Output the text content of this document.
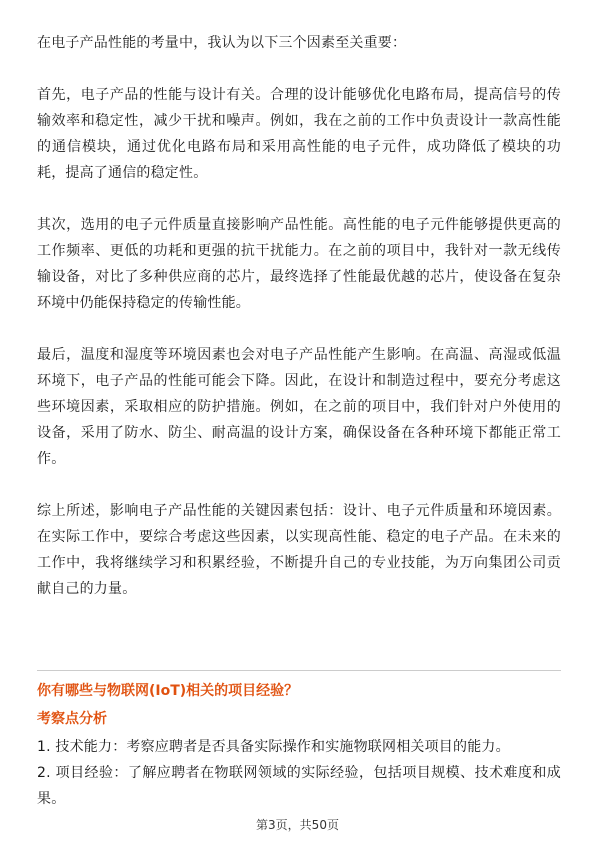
在电子产品性能的考量中，我认为以下三个因素至关重要：

首先，电子产品的性能与设计有关。合理的设计能够优化电路布局，提高信号的传输效率和稳定性，减少干扰和噪声。例如，我在之前的工作中负责设计一款高性能的通信模块，通过优化电路布局和采用高性能的电子元件，成功降低了模块的功耗，提高了通信的稳定性。

其次，选用的电子元件质量直接影响产品性能。高性能的电子元件能够提供更高的工作频率、更低的功耗和更强的抗干扰能力。在之前的项目中，我针对一款无线传输设备，对比了多种供应商的芯片，最终选择了性能最优越的芯片，使设备在复杂环境中仍能保持稳定的传输性能。

最后，温度和湿度等环境因素也会对电子产品性能产生影响。在高温、高湿或低温环境下，电子产品的性能可能会下降。因此，在设计和制造过程中，要充分考虑这些环境因素，采取相应的防护措施。例如，在之前的项目中，我们针对户外使用的设备，采用了防水、防尘、耐高温的设计方案，确保设备在各种环境下都能正常工作。

综上所述，影响电子产品性能的关键因素包括：设计、电子元件质量和环境因素。在实际工作中，要综合考虑这些因素，以实现高性能、稳定的电子产品。在未来的工作中，我将继续学习和积累经验，不断提升自己的专业技能，为万向集团公司贡献自己的力量。

你有哪些与物联网(IoT)相关的项目经验？

考察点分析

1. 技术能力：考察应聘者是否具备实际操作和实施物联网相关项目的能力。

2. 项目经验：了解应聘者在物联网领域的实际经验，包括项目规模、技术难度和成果。

第3页，共50页
